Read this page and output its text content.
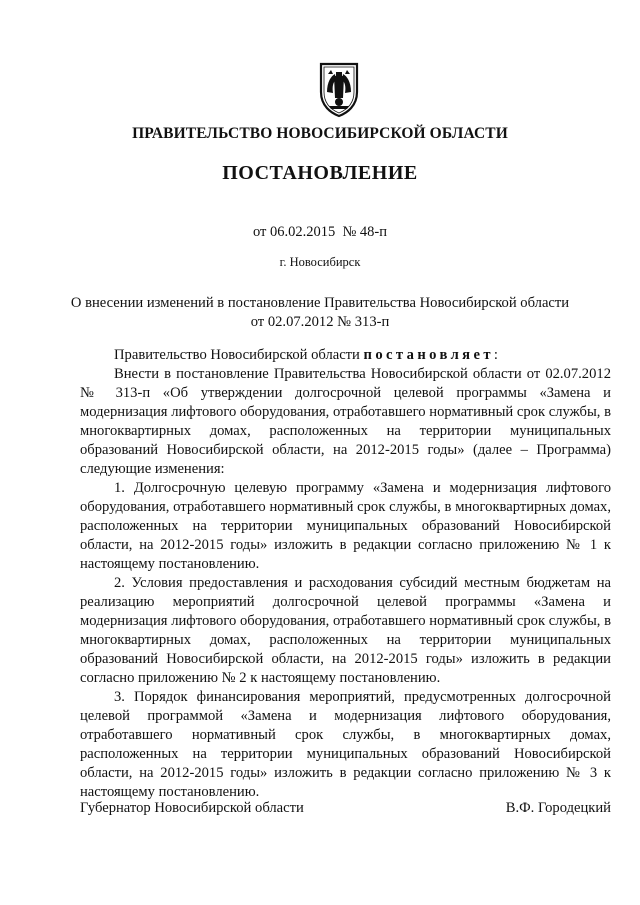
ПРАВИТЕЛЬСТВО НОВОСИБИРСКОЙ ОБЛАСТИ
ПОСТАНОВЛЕНИЕ
от 06.02.2015  № 48-п
г. Новосибирск
О внесении изменений в постановление Правительства Новосибирской области
от 02.07.2012 № 313-п

Правительство Новосибирской области постановляет:

Внести в постановление Правительства Новосибирской области от 02.07.2012 № 313-п «Об утверждении долгосрочной целевой программы «Замена и модернизация лифтового оборудования, отработавшего нормативный срок службы, в многоквартирных домах, расположенных на территории муниципальных образований Новосибирской области, на 2012-2015 годы» (далее – Программа) следующие изменения:

1. Долгосрочную целевую программу «Замена и модернизация лифтового оборудования, отработавшего нормативный срок службы, в многоквартирных домах, расположенных на территории муниципальных образований Новосибирской области, на 2012-2015 годы» изложить в редакции согласно приложению № 1 к настоящему постановлению.

2. Условия предоставления и расходования субсидий местным бюджетам на реализацию мероприятий долгосрочной целевой программы «Замена и модернизация лифтового оборудования, отработавшего нормативный срок службы, в многоквартирных домах, расположенных на территории муниципальных образований Новосибирской области, на 2012-2015 годы» изложить в редакции согласно приложению № 2 к настоящему постановлению.

3. Порядок финансирования мероприятий, предусмотренных долгосрочной целевой программой «Замена и модернизация лифтового оборудования, отработавшего нормативный срок службы, в многоквартирных домах, расположенных на территории муниципальных образований Новосибирской области, на 2012-2015 годы» изложить в редакции согласно приложению № 3 к настоящему постановлению.

Губернатор Новосибирской области	В.Ф. Городецкий
